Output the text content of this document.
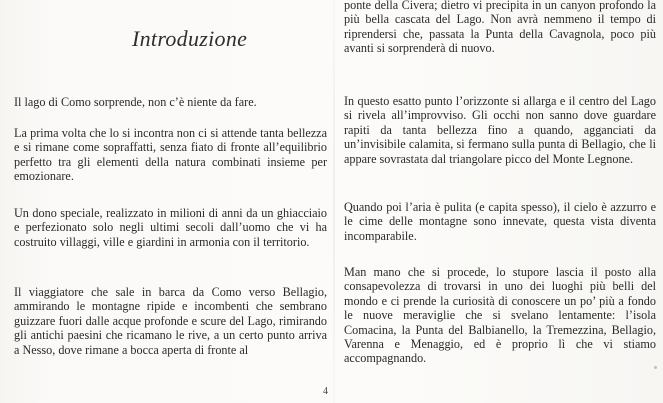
Introduzione

Il lago di Como sorprende, non c’è niente da fare.

La prima volta che lo si incontra non ci si attende tanta bellezza e si rimane come sopraffatti, senza fiato di fronte all’equilibrio perfetto tra gli elementi della natura combinati insieme per emozionare.

Un dono speciale, realizzato in milioni di anni da un ghiacciaio e perfezionato solo negli ultimi secoli dall’uomo che vi ha costruito villaggi, ville e giardini in armonia con il territorio.

Il viaggiatore che sale in barca da Como verso Bellagio, ammirando le montagne ripide e incombenti che sembrano guizzare fuori dalle acque profonde e scure del Lago, rimirando gli antichi paesini che ricamano le rive, a un certo punto arriva a Nesso, dove rimane a bocca aperta di fronte al

ponte della Civera; dietro vi precipita in un canyon profondo la più bella cascata del Lago. Non avrà nemmeno il tempo di riprendersi che, passata la Punta della Cavagnola, poco più avanti si sorprenderà di nuovo.

In questo esatto punto l’orizzonte si allarga e il centro del Lago si rivela all’improvviso. Gli occhi non sanno dove guardare rapiti da tanta bellezza fino a quando, agganciati da un’invisibile calamita, si fermano sulla punta di Bellagio, che li appare sovrastata dal triangolare picco del Monte Legnone.

Quando poi l’aria è pulita (e capita spesso), il cielo è azzurro e le cime delle montagne sono innevate, questa vista diventa incomparabile.

Man mano che si procede, lo stupore lascia il posto alla consapevolezza di trovarsi in uno dei luoghi più belli del mondo e ci prende la curiosità di conoscere un po’ più a fondo le nuove meraviglie che si svelano lentamente: l’isola Comacina, la Punta del Balbianello, la Tremezzina, Bellagio, Varenna e Menaggio, ed è proprio lì che vi stiamo accompagnando.

4
